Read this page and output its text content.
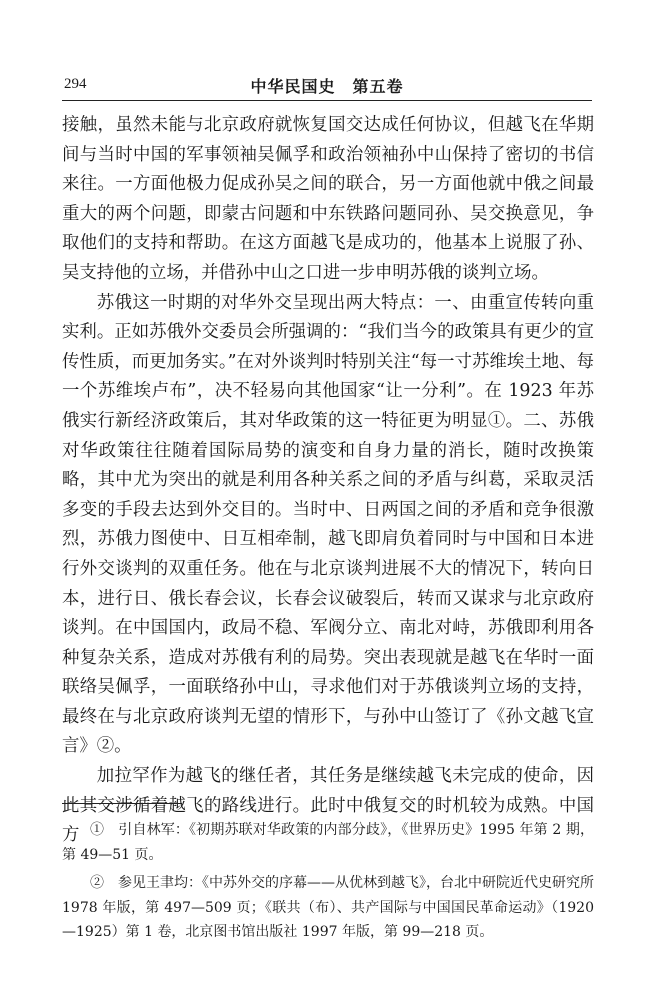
294	中华民国史　第五卷

接触，虽然未能与北京政府就恢复国交达成任何协议，但越飞在华期间与当时中国的军事领袖吴佩孚和政治领袖孙中山保持了密切的书信来往。一方面他极力促成孙吴之间的联合，另一方面他就中俄之间最重大的两个问题，即蒙古问题和中东铁路问题同孙、吴交换意见，争取他们的支持和帮助。在这方面越飞是成功的，他基本上说服了孙、吴支持他的立场，并借孙中山之口进一步申明苏俄的谈判立场。

苏俄这一时期的对华外交呈现出两大特点：一、由重宣传转向重实利。正如苏俄外交委员会所强调的：“我们当今的政策具有更少的宣传性质，而更加务实。”在对外谈判时特别关注“每一寸苏维埃土地、每一个苏维埃卢布”，决不轻易向其他国家“让一分利”。在 1923 年苏俄实行新经济政策后，其对华政策的这一特征更为明显①。二、苏俄对华政策往往随着国际局势的演变和自身力量的消长，随时改换策略，其中尤为突出的就是利用各种关系之间的矛盾与纠葛，采取灵活多变的手段去达到外交目的。当时中、日两国之间的矛盾和竞争很激烈，苏俄力图使中、日互相牵制，越飞即肩负着同时与中国和日本进行外交谈判的双重任务。他在与北京谈判进展不大的情况下，转向日本，进行日、俄长春会议，长春会议破裂后，转而又谋求与北京政府谈判。在中国国内，政局不稳、军阀分立、南北对峙，苏俄即利用各种复杂关系，造成对苏俄有利的局势。突出表现就是越飞在华时一面联络吴佩孚，一面联络孙中山，寻求他们对于苏俄谈判立场的支持，最终在与北京政府谈判无望的情形下，与孙中山签订了《孙文越飞宣言》②。

加拉罕作为越飞的继任者，其任务是继续越飞未完成的使命，因此其交涉循着越飞的路线进行。此时中俄复交的时机较为成熟。中国方 ①　引自林军：《初期苏联对华政策的内部分歧》，《世界历史》1995 年第 2 期，第 49—51 页。

②　参见王聿均：《中苏外交的序幕——从优林到越飞》，台北中研院近代史研究所 1978 年版，第 497—509 页；《联共（布）、共产国际与中国国民革命运动》（1920—1925）第 1 卷，北京图书馆出版社 1997 年版，第 99—218 页。
